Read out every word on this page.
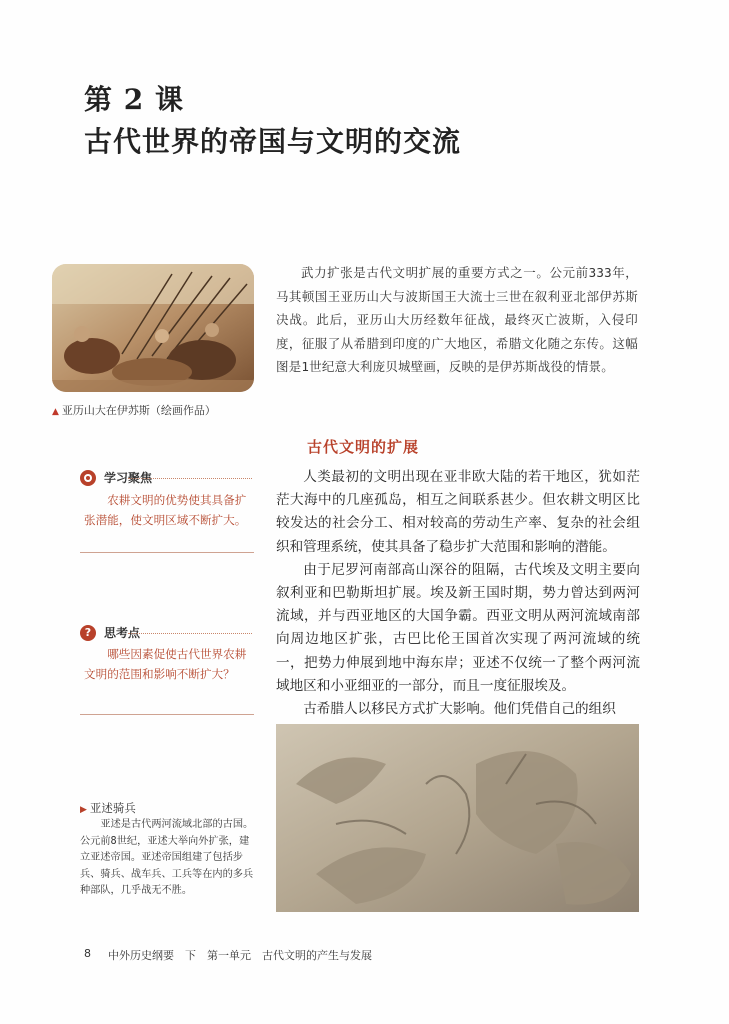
第 2 课
古代世界的帝国与文明的交流
▲ 亚历山大在伊苏斯（绘画作品）
武力扩张是古代文明扩展的重要方式之一。公元前333年，马其顿国王亚历山大与波斯国王大流士三世在叙利亚北部伊苏斯决战。此后，亚历山大历经数年征战，最终灭亡波斯，入侵印度，征服了从希腊到印度的广大地区，希腊文化随之东传。这幅图是1世纪意大利庞贝城壁画，反映的是伊苏斯战役的情景。
古代文明的扩展

人类最初的文明出现在亚非欧大陆的若干地区，犹如茫茫大海中的几座孤岛，相互之间联系甚少。但农耕文明区比较发达的社会分工、相对较高的劳动生产率、复杂的社会组织和管理系统，使其具备了稳步扩大范围和影响的潜能。

由于尼罗河南部高山深谷的阻隔，古代埃及文明主要向叙利亚和巴勒斯坦扩展。埃及新王国时期，势力曾达到两河流域，并与西亚地区的大国争霸。西亚文明从两河流域南部向周边地区扩张，古巴比伦王国首次实现了两河流域的统一，把势力伸展到地中海东岸；亚述不仅统一了整个两河流域地区和小亚细亚的一部分，而且一度征服埃及。

古希腊人以移民方式扩大影响。他们凭借自己的组织

学习聚焦
农耕文明的优势使其具备扩张潜能，使文明区域不断扩大。
?	思考点
哪些因素促使古代世界农耕文明的范围和影响不断扩大？
▶ 亚述骑兵
亚述是古代两河流域北部的古国。公元前8世纪，亚述大举向外扩张，建立亚述帝国。亚述帝国组建了包括步兵、骑兵、战车兵、工兵等在内的多兵种部队，几乎战无不胜。
8 中外历史纲要　下　第一单元　古代文明的产生与发展
